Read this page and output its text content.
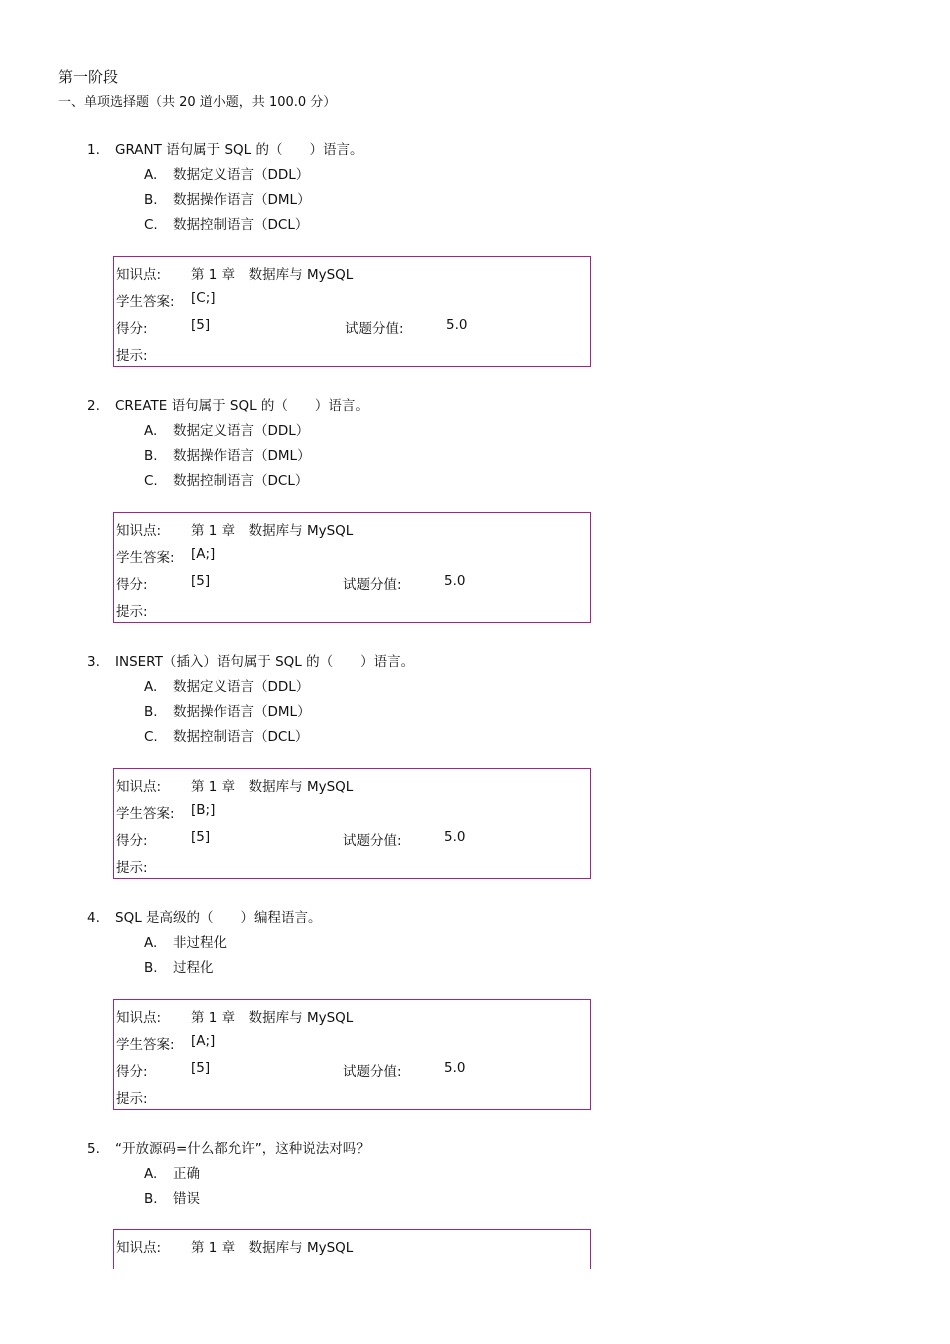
第一阶段
一、单项选择题（共 20 道小题，共 100.0 分）
1. GRANT 语句属于 SQL 的（　　）语言。
A. 数据定义语言（DDL）
B. 数据操作语言（DML）
C. 数据控制语言（DCL）
知识点: 第 1 章　数据库与 MySQL
学生答案: [C;]
得分:	[5]	试题分值:	5.0
提示:
2. CREATE 语句属于 SQL 的（　　）语言。
A. 数据定义语言（DDL）
B. 数据操作语言（DML）
C. 数据控制语言（DCL）
知识点: 第 1 章　数据库与 MySQL
学生答案: [A;]
得分:	[5]	试题分值:	5.0
提示:
3. INSERT（插入）语句属于 SQL 的（　　）语言。
A. 数据定义语言（DDL）
B. 数据操作语言（DML）
C. 数据控制语言（DCL）
知识点: 第 1 章　数据库与 MySQL
学生答案: [B;]
得分:	[5]	试题分值:	5.0
提示:
4. SQL 是高级的（　　）编程语言。
A. 非过程化
B. 过程化
知识点: 第 1 章　数据库与 MySQL
学生答案: [A;]
得分:	[5]	试题分值:	5.0
提示:
5. “开放源码=什么都允许”，这种说法对吗？
A. 正确
B. 错误
知识点: 第 1 章　数据库与 MySQL
